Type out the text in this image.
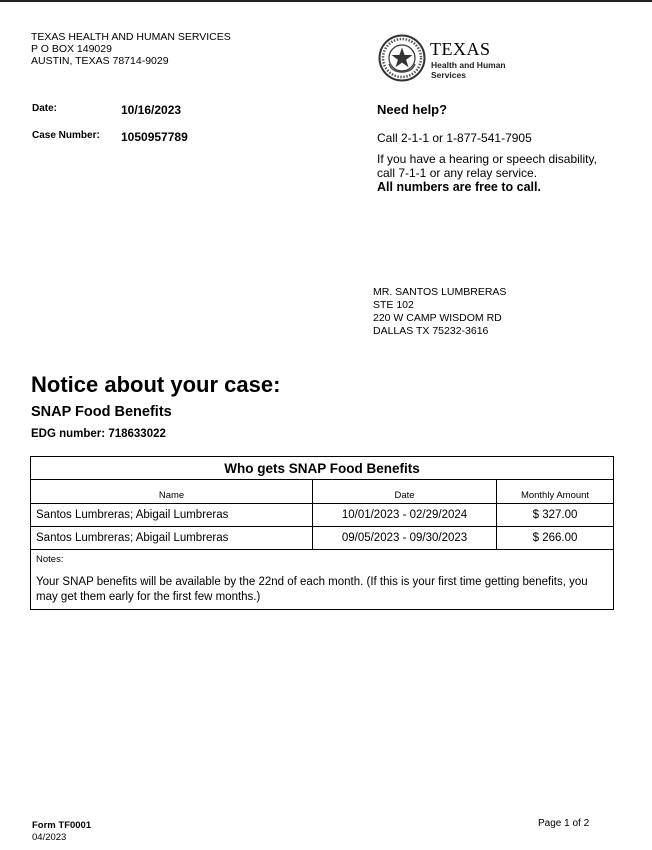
TEXAS HEALTH AND HUMAN SERVICES
P O BOX 149029
AUSTIN, TEXAS 78714-9029
TEXAS
Health and Human
Services
Date:	10/16/2023
Case Number: 1050957789
Need help?
Call 2-1-1 or 1-877-541-7905
If you have a hearing or speech disability, call 7-1-1 or any relay service.
All numbers are free to call.
MR. SANTOS LUMBRERAS
STE 102
220 W CAMP WISDOM RD
DALLAS TX 75232-3616
Notice about your case:
SNAP Food Benefits
EDG number: 718633022
Who gets SNAP Food Benefits		
Name	Date	Monthly Amount
Santos Lumbreras; Abigail Lumbreras	10/01/2023 - 02/29/2024	$ 327.00
Santos Lumbreras; Abigail Lumbreras	09/05/2023 - 09/30/2023	$ 266.00

Notes:
Your SNAP benefits will be available by the 22nd of each month. (If this is your first time getting benefits, you may get them early for the first few months.)		
Form TF0001
04/2023
Page 1 of 2
